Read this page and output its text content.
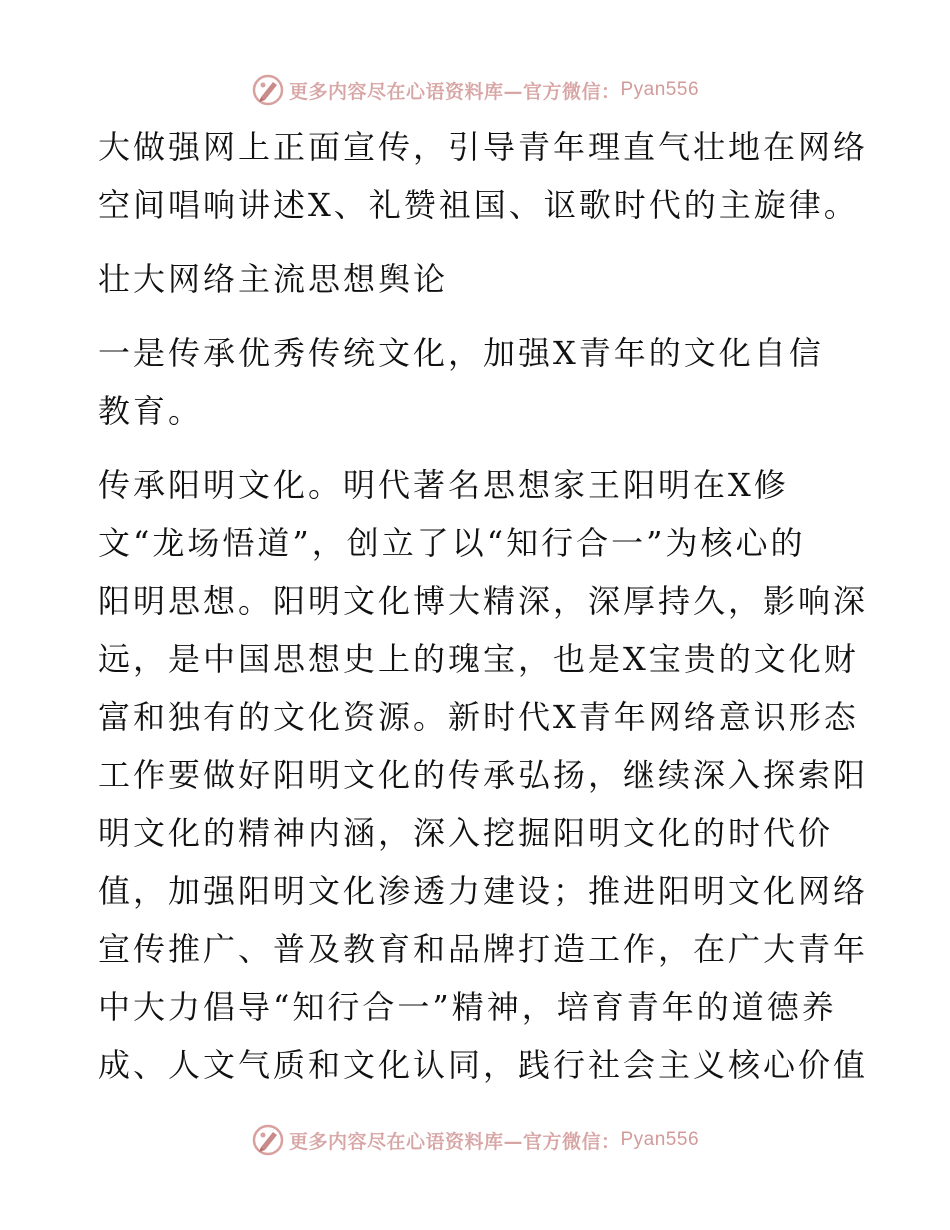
更多内容尽在心语资料库—官方微信： Pyan556

大做强网上正面宣传，引导青年理直气壮地在网络

空间唱响讲述X、礼赞祖国、讴歌时代的主旋律。

壮大网络主流思想舆论

一是传承优秀传统文化，加强X青年的文化自信

教育。

传承阳明文化。明代著名思想家王阳明在X修

文“龙场悟道”，创立了以“知行合一”为核心的

阳明思想。阳明文化博大精深，深厚持久，影响深

远，是中国思想史上的瑰宝，也是X宝贵的文化财

富和独有的文化资源。新时代X青年网络意识形态

工作要做好阳明文化的传承弘扬，继续深入探索阳

明文化的精神内涵，深入挖掘阳明文化的时代价

值，加强阳明文化渗透力建设；推进阳明文化网络

宣传推广、普及教育和品牌打造工作，在广大青年

中大力倡导“知行合一”精神，培育青年的道德养

成、人文气质和文化认同，践行社会主义核心价值

更多内容尽在心语资料库—官方微信： Pyan556
